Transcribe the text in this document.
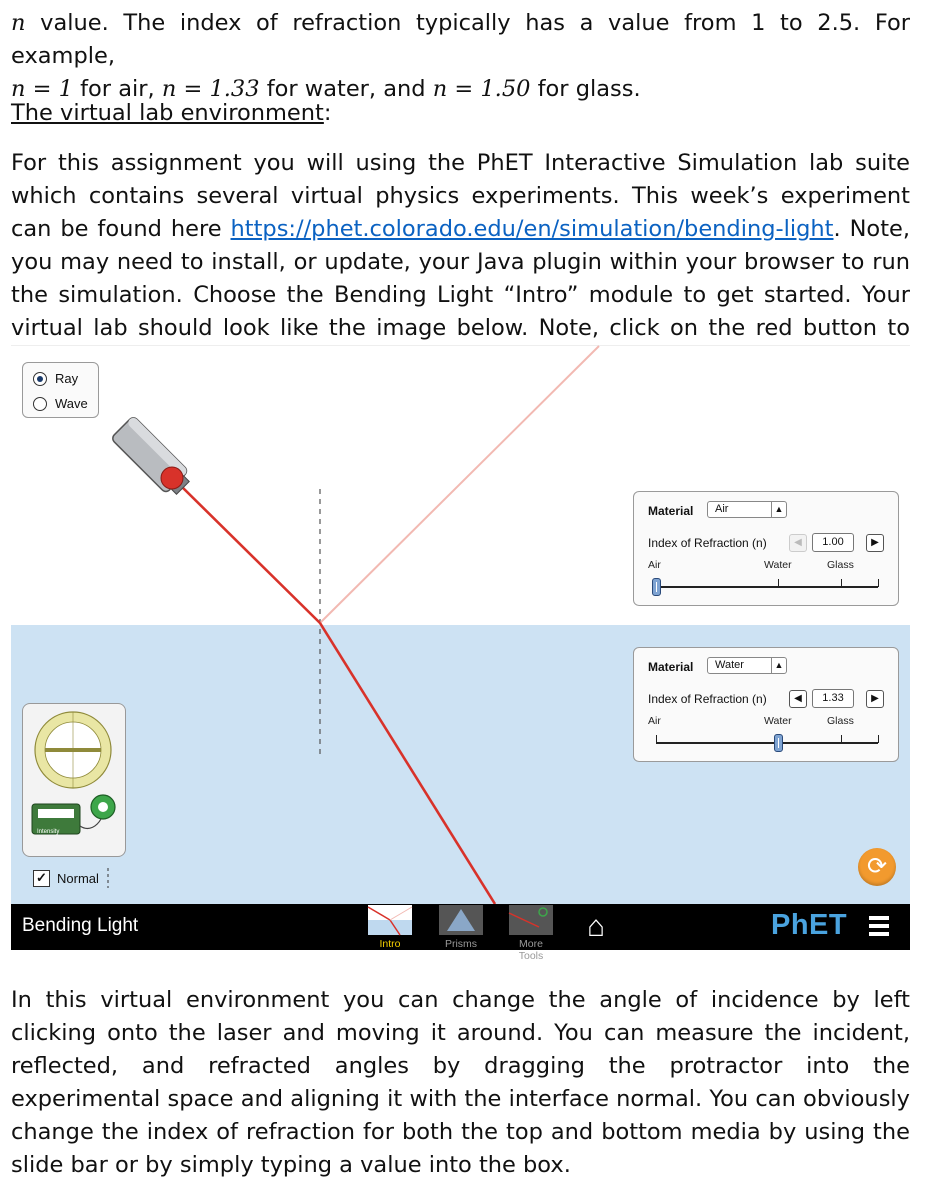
n value. The index of refraction typically has a value from 1 to 2.5. For example,
n = 1 for air, n = 1.33 for water, and n = 1.50 for glass.

The virtual lab environment:

For this assignment you will using the PhET Interactive Simulation lab suite which contains several virtual physics experiments. This week’s experiment can be found here https://phet.colorado.edu/en/simulation/bending-light. Note, you may need to install, or update, your Java plugin within your browser to run the simulation. Choose the Bending Light “Intro” module to get started. Your virtual lab should look like the image below. Note, click on the red button to

Ray
Wave
Material	Air	▲
Index of Refraction (n)	◀	1.00	▶
Air	Water	Glass
Material	Water	▲
Index of Refraction (n)	◀	1.33	▶
Air	Water	Glass
Intensity
✓ Normal	⟳
Bending Light
Intro	Prisms	More Tools
⌂	PhET

In this virtual environment you can change the angle of incidence by left clicking onto the laser and moving it around. You can measure the incident, reflected, and refracted angles by dragging the protractor into the experimental space and aligning it with the interface normal. You can obviously change the index of refraction for both the top and bottom media by using the slide bar or by simply typing a value into the box.
